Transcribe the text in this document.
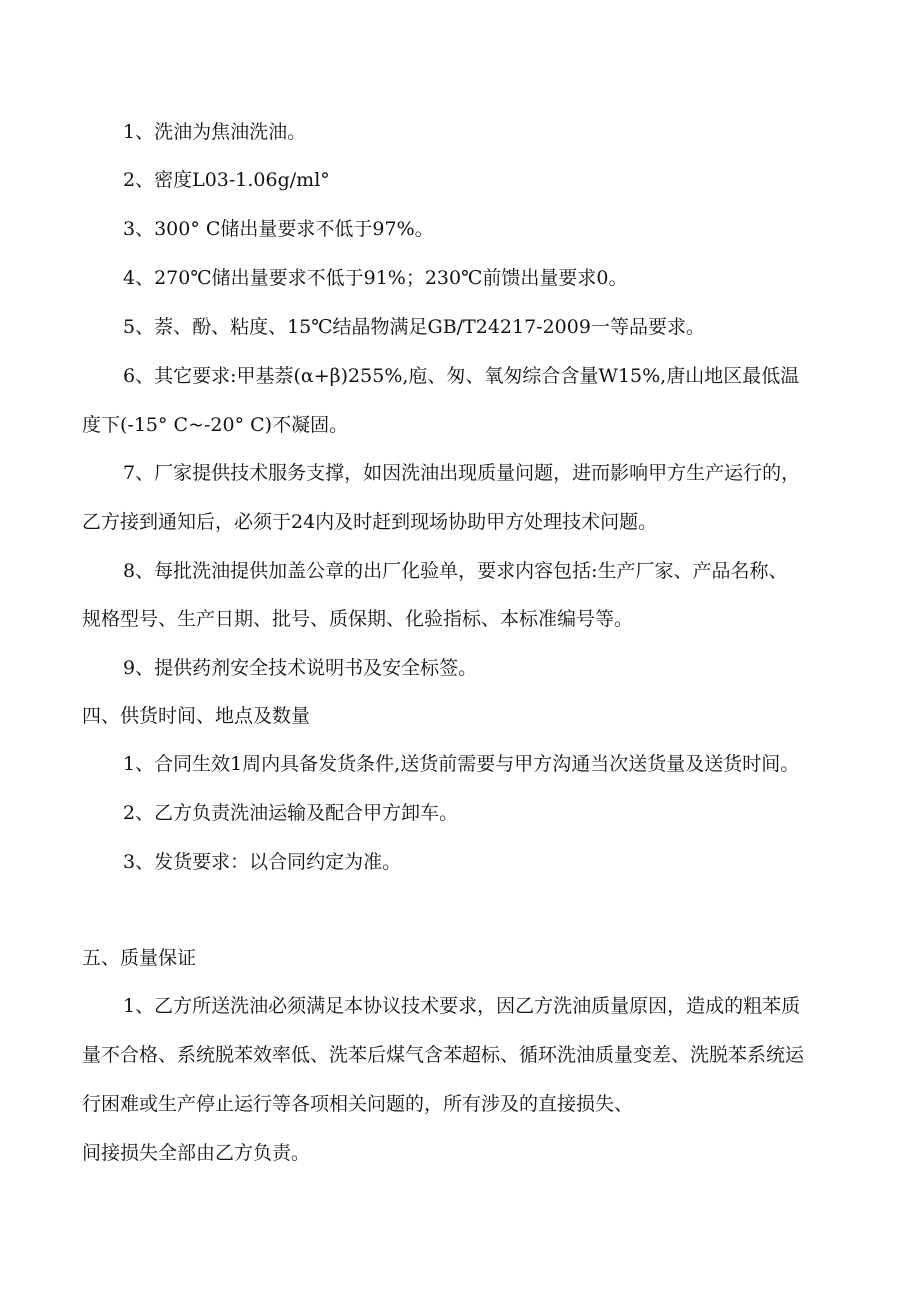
1、洗油为焦油洗油。
2、密度L03-1.06g/ml°
3、300° C储出量要求不低于97%。
4、270℃储出量要求不低于91%；230℃前馈出量要求0。
5、萘、酚、粘度、15℃结晶物满足GB/T24217-2009一等品要求。
6、其它要求:甲基萘(α+β)255%,庖、匆、氧匆综合含量W15%,唐山地区最低温
度下(-15° C~-20° C)不凝固。
7、厂家提供技术服务支撑，如因洗油出现质量问题，进而影响甲方生产运行的，
乙方接到通知后，必须于24内及时赶到现场协助甲方处理技术问题。
8、每批洗油提供加盖公章的出厂化验单，要求内容包括:生产厂家、产品名称、
规格型号、生产日期、批号、质保期、化验指标、本标准编号等。
9、提供药剂安全技术说明书及安全标签。
四、供货时间、地点及数量
1、合同生效1周内具备发货条件,送货前需要与甲方沟通当次送货量及送货时间。
2、乙方负责洗油运输及配合甲方卸车。
3、发货要求：以合同约定为准。
五、质量保证
1、乙方所送洗油必须满足本协议技术要求，因乙方洗油质量原因，造成的粗苯质
量不合格、系统脱苯效率低、洗苯后煤气含苯超标、循环洗油质量变差、洗脱苯系统运
行困难或生产停止运行等各项相关问题的，所有涉及的直接损失、
间接损失全部由乙方负责。
